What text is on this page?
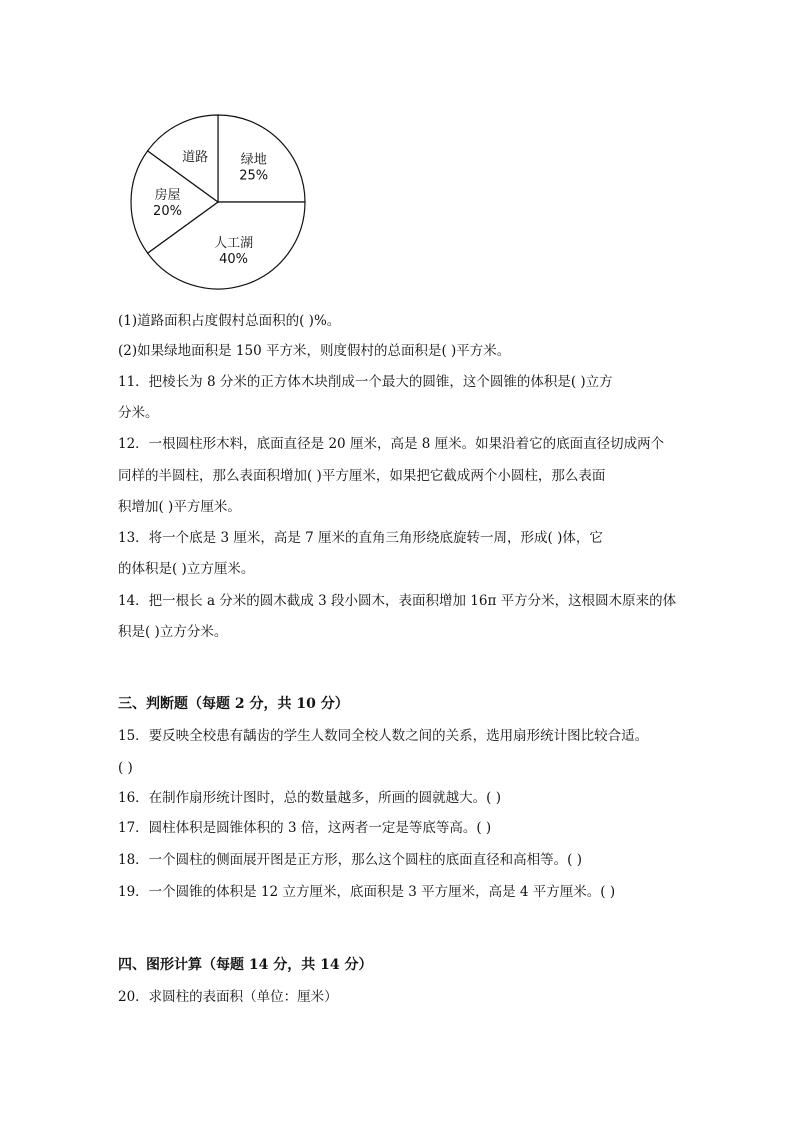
绿地
25%
人工湖
40%
房屋
20%
道路
(1)道路面积占度假村总面积的( )%。
(2)如果绿地面积是 150 平方米，则度假村的总面积是( )平方米。
11．把棱长为 8 分米的正方体木块削成一个最大的圆锥，这个圆锥的体积是( )立方
分米。
12．一根圆柱形木料，底面直径是 20 厘米，高是 8 厘米。如果沿着它的底面直径切成两个
同样的半圆柱，那么表面积增加( )平方厘米，如果把它截成两个小圆柱，那么表面
积增加( )平方厘米。
13．将一个底是 3 厘米，高是 7 厘米的直角三角形绕底旋转一周，形成( )体，它
的体积是( )立方厘米。
14．把一根长 a 分米的圆木截成 3 段小圆木，表面积增加 16π 平方分米，这根圆木原来的体
积是( )立方分米。
三、判断题（每题 2 分，共 10 分）
15．要反映全校患有龋齿的学生人数同全校人数之间的关系，选用扇形统计图比较合适。
( )
16．在制作扇形统计图时，总的数量越多，所画的圆就越大。( )
17．圆柱体积是圆锥体积的 3 倍，这两者一定是等底等高。( )
18．一个圆柱的侧面展开图是正方形，那么这个圆柱的底面直径和高相等。( )
19．一个圆锥的体积是 12 立方厘米，底面积是 3 平方厘米，高是 4 平方厘米。( )
四、图形计算（每题 14 分，共 14 分）
20．求圆柱的表面积（单位：厘米）
